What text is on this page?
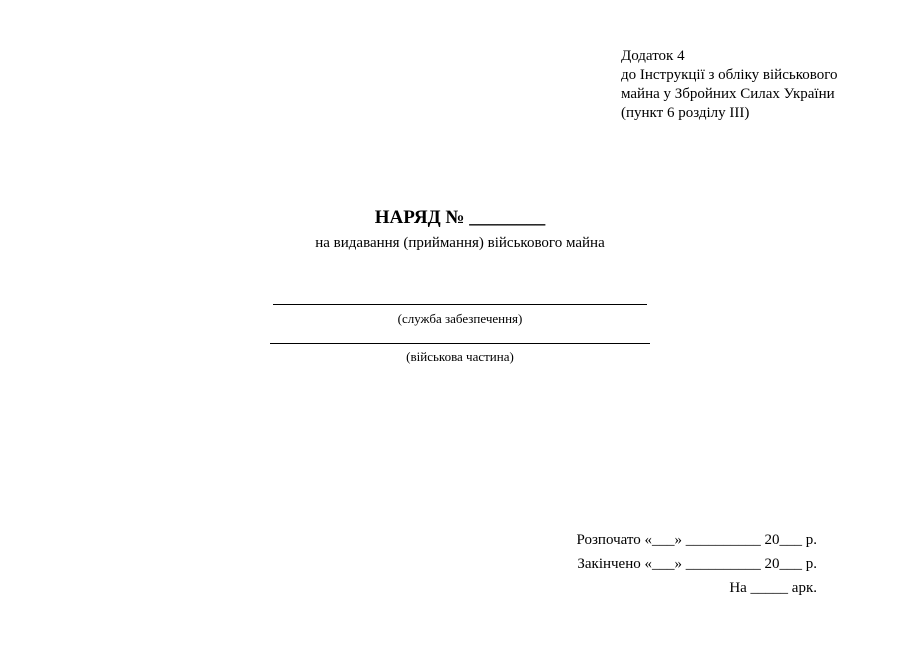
Додаток 4
до Інструкції з обліку військового
майна у Збройних Силах України
(пункт 6 розділу ІІІ)
НАРЯД № ________
на видавання (приймання) військового майна
(служба забезпечення)
(військова частина)
Розпочато «___» __________ 20___ р.
Закінчено «___» __________ 20___ р.
На _____ арк.
